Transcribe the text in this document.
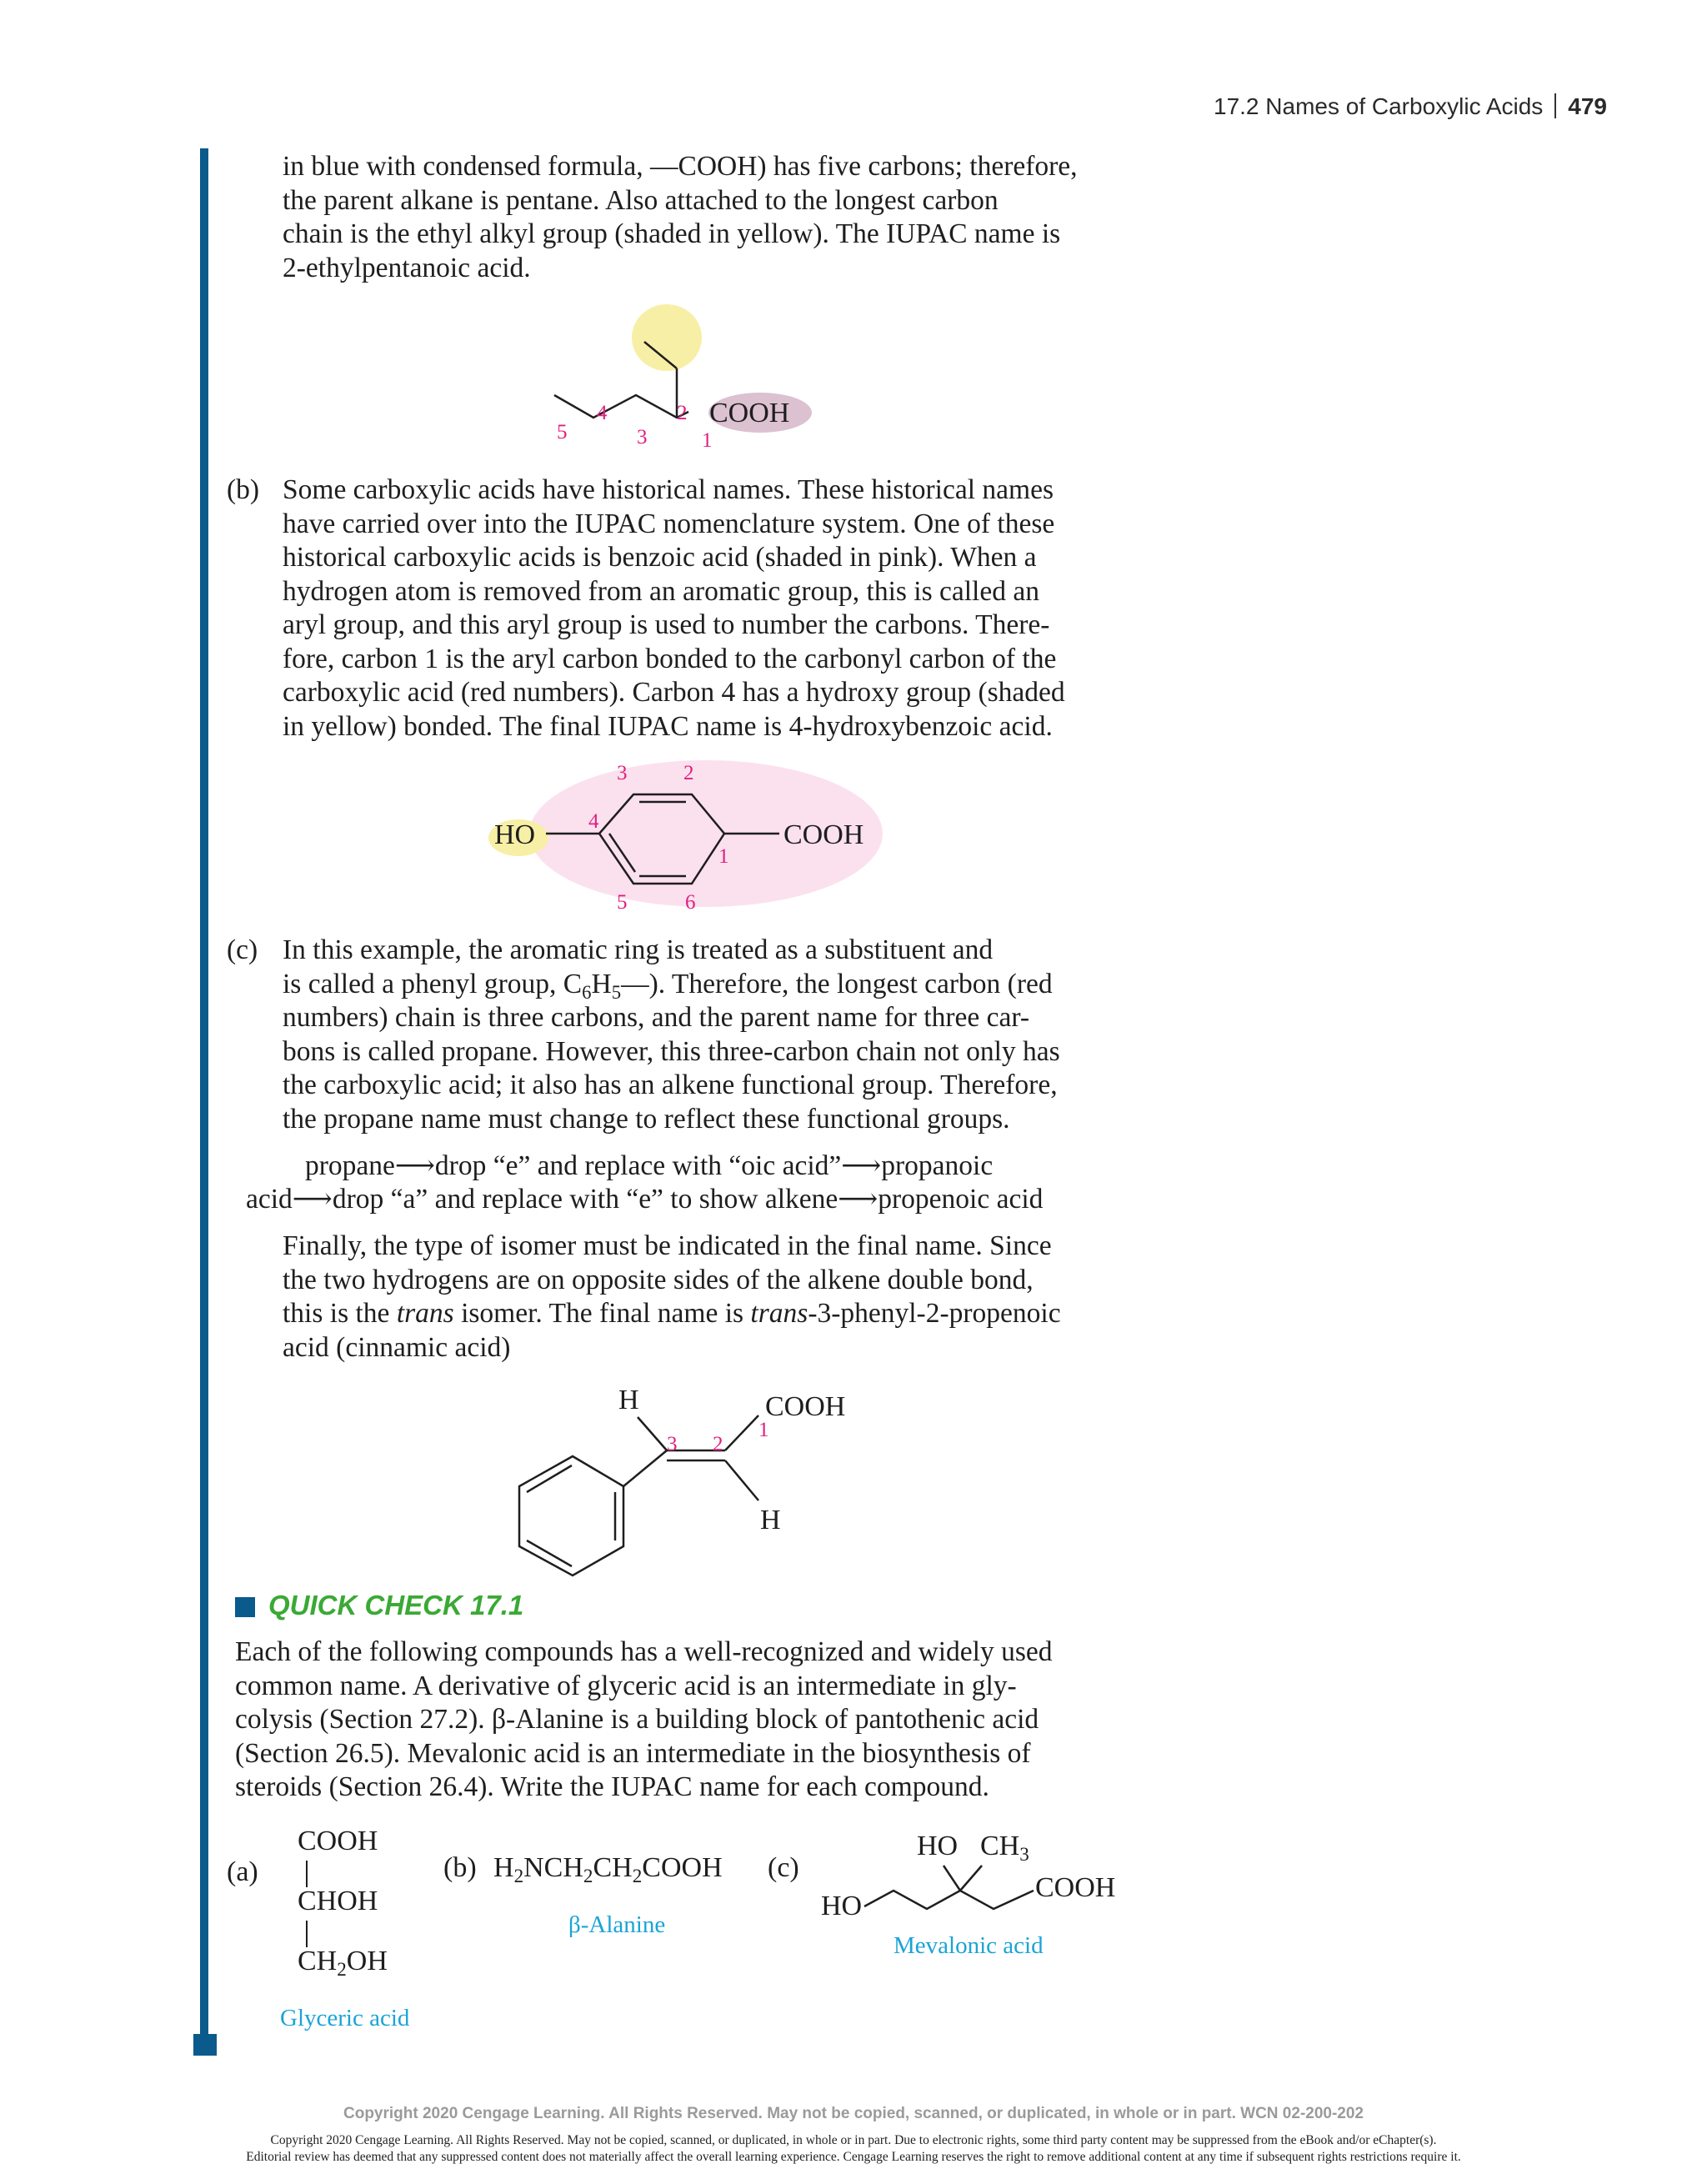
17.2 Names of Carboxylic Acids 479
in blue with condensed formula, —COOH) has five carbons; therefore,
the parent alkane is pentane. Also attached to the longest carbon
chain is the ethyl alkyl group (shaded in yellow). The IUPAC name is
2-ethylpentanoic acid.
COOH
5
4
3
2
1
(b) Some carboxylic acids have historical names. These historical names
have carried over into the IUPAC nomenclature system. One of these
historical carboxylic acids is benzoic acid (shaded in pink). When a
hydrogen atom is removed from an aromatic group, this is called an
aryl group, and this aryl group is used to number the carbons. There-
fore, carbon 1 is the aryl carbon bonded to the carbonyl carbon of the
carboxylic acid (red numbers). Carbon 4 has a hydroxy group (shaded
in yellow) bonded. The final IUPAC name is 4-hydroxybenzoic acid.
HO	COOH
1
2
3
4
5	6
(c) In this example, the aromatic ring is treated as a substituent and
is called a phenyl group, $C_6H_5—$). Therefore, the longest carbon (red
numbers) chain is three carbons, and the parent name for three car-
bons is called propane. However, this three-carbon chain not only has
the carboxylic acid; it also has an alkene functional group. Therefore,
the propane name must change to reflect these functional groups.
propane⟶drop “e” and replace with “oic acid”⟶propanoic
acid⟶drop “a” and replace with “e” to show alkene⟶propenoic acid
Finally, the type of isomer must be indicated in the final name. Since
the two hydrogens are on opposite sides of the alkene double bond,
this is the trans isomer. The final name is trans-3-phenyl-2-propenoic
acid (cinnamic acid)
H
H
COOH
3 2
1
QUICK CHECK 17.1
Each of the following compounds has a well-recognized and widely used
common name. A derivative of glyceric acid is an intermediate in gly-
colysis (Section 27.2). β-Alanine is a building block of pantothenic acid
(Section 26.5). Mevalonic acid is an intermediate in the biosynthesis of
steroids (Section 26.4). Write the IUPAC name for each compound.
(a)
COOH
CHOH
$CH_2OH$
Glyceric acid
(b) $H_2NCH_2CH_2COOH$
β-Alanine
(c)
HO
HO $CH_3$
COOH
Mevalonic acid
Copyright 2020 Cengage Learning. All Rights Reserved. May not be copied, scanned, or duplicated, in whole or in part. WCN 02-200-202
Copyright 2020 Cengage Learning. All Rights Reserved. May not be copied, scanned, or duplicated, in whole or in part. Due to electronic rights, some third party content may be suppressed from the eBook and/or eChapter(s).
Editorial review has deemed that any suppressed content does not materially affect the overall learning experience. Cengage Learning reserves the right to remove additional content at any time if subsequent rights restrictions require it.
